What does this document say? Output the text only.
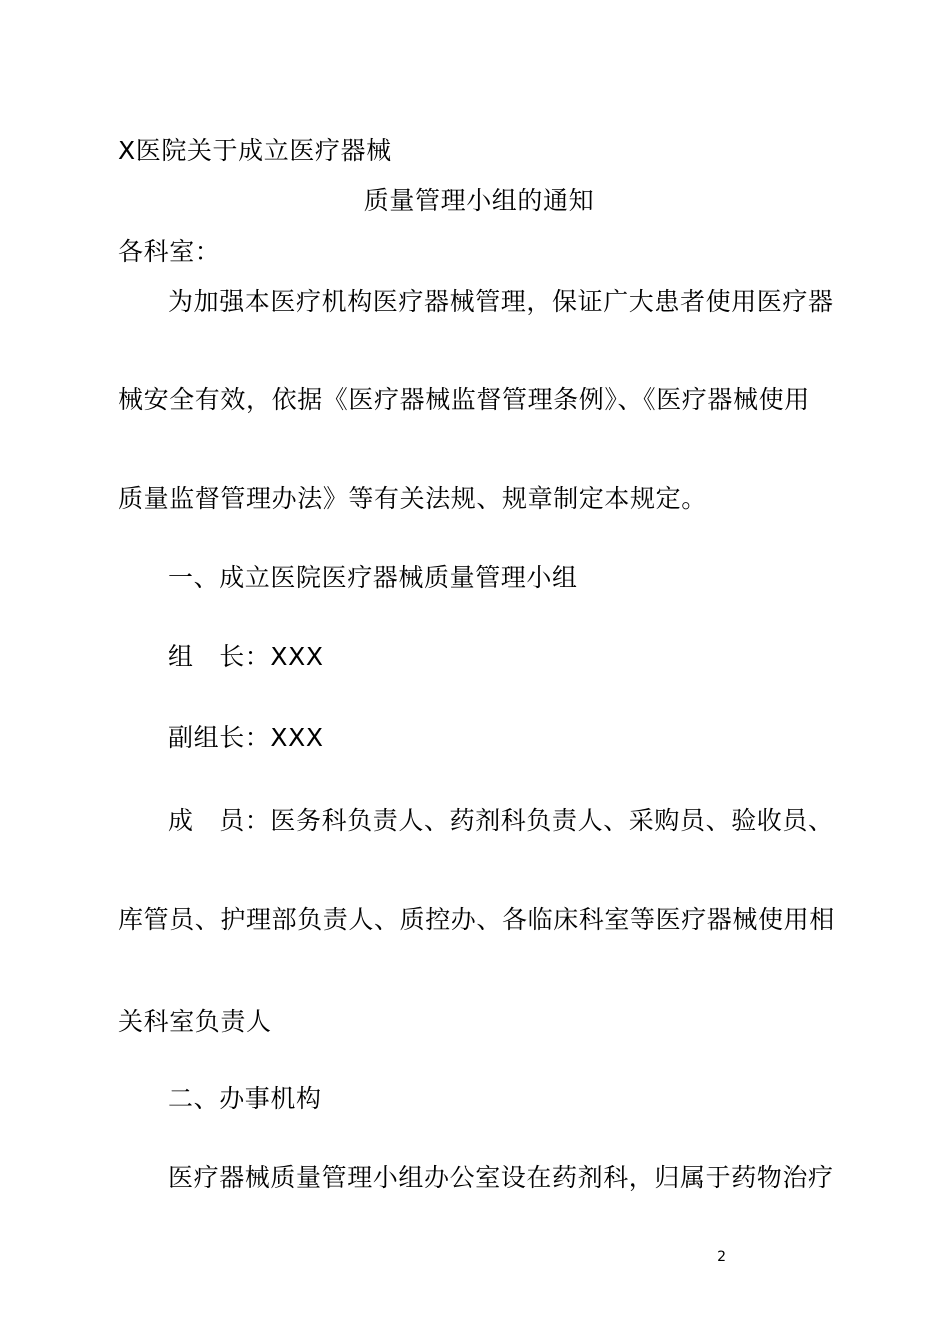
X医院关于成立医疗器械
质量管理小组的通知
各科室：
为加强本医疗机构医疗器械管理，保证广大患者使用医疗器
械安全有效，依据《医疗器械监督管理条例》、《医疗器械使用
质量监督管理办法》等有关法规、规章制定本规定。
一、成立医院医疗器械质量管理小组
组　长：XXX
副组长：XXX
成　员：医务科负责人、药剂科负责人、采购员、验收员、
库管员、护理部负责人、质控办、各临床科室等医疗器械使用相
关科室负责人
二、办事机构
医疗器械质量管理小组办公室设在药剂科，归属于药物治疗
2
